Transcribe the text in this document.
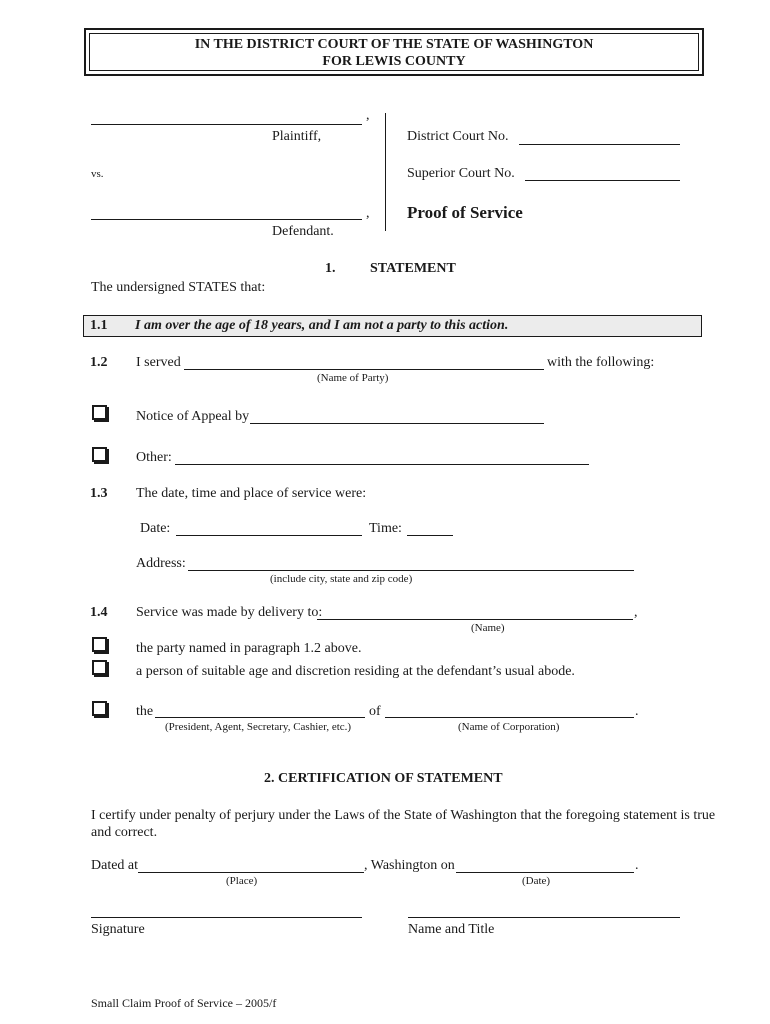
IN THE DISTRICT COURT OF THE STATE OF WASHINGTON
FOR LEWIS COUNTY
,
Plaintiff,
vs.
,
Defendant.
District Court No.
Superior Court No.
Proof of Service
1. STATEMENT
The undersigned STATES that:
1.1 I am over the age of 18 years, and I am not a party to this action.
1.2 I served	with the following:
(Name of Party)
Notice of Appeal by
Other:
1.3 The date, time and place of service were:
Date:	Time:
Address:
(include city, state and zip code)
1.4 Service was made by delivery to:	,
(Name)
the party named in paragraph 1.2 above.
a person of suitable age and discretion residing at the defendant’s usual abode.
the	of	.
(President, Agent, Secretary, Cashier, etc.)	(Name of Corporation)
2. CERTIFICATION OF STATEMENT
I certify under penalty of perjury under the Laws of the State of Washington that the foregoing statement is true
and correct.
Dated at	, Washington on	.
(Place)	(Date)
Signature	Name and Title
Small Claim Proof of Service – 2005/f
